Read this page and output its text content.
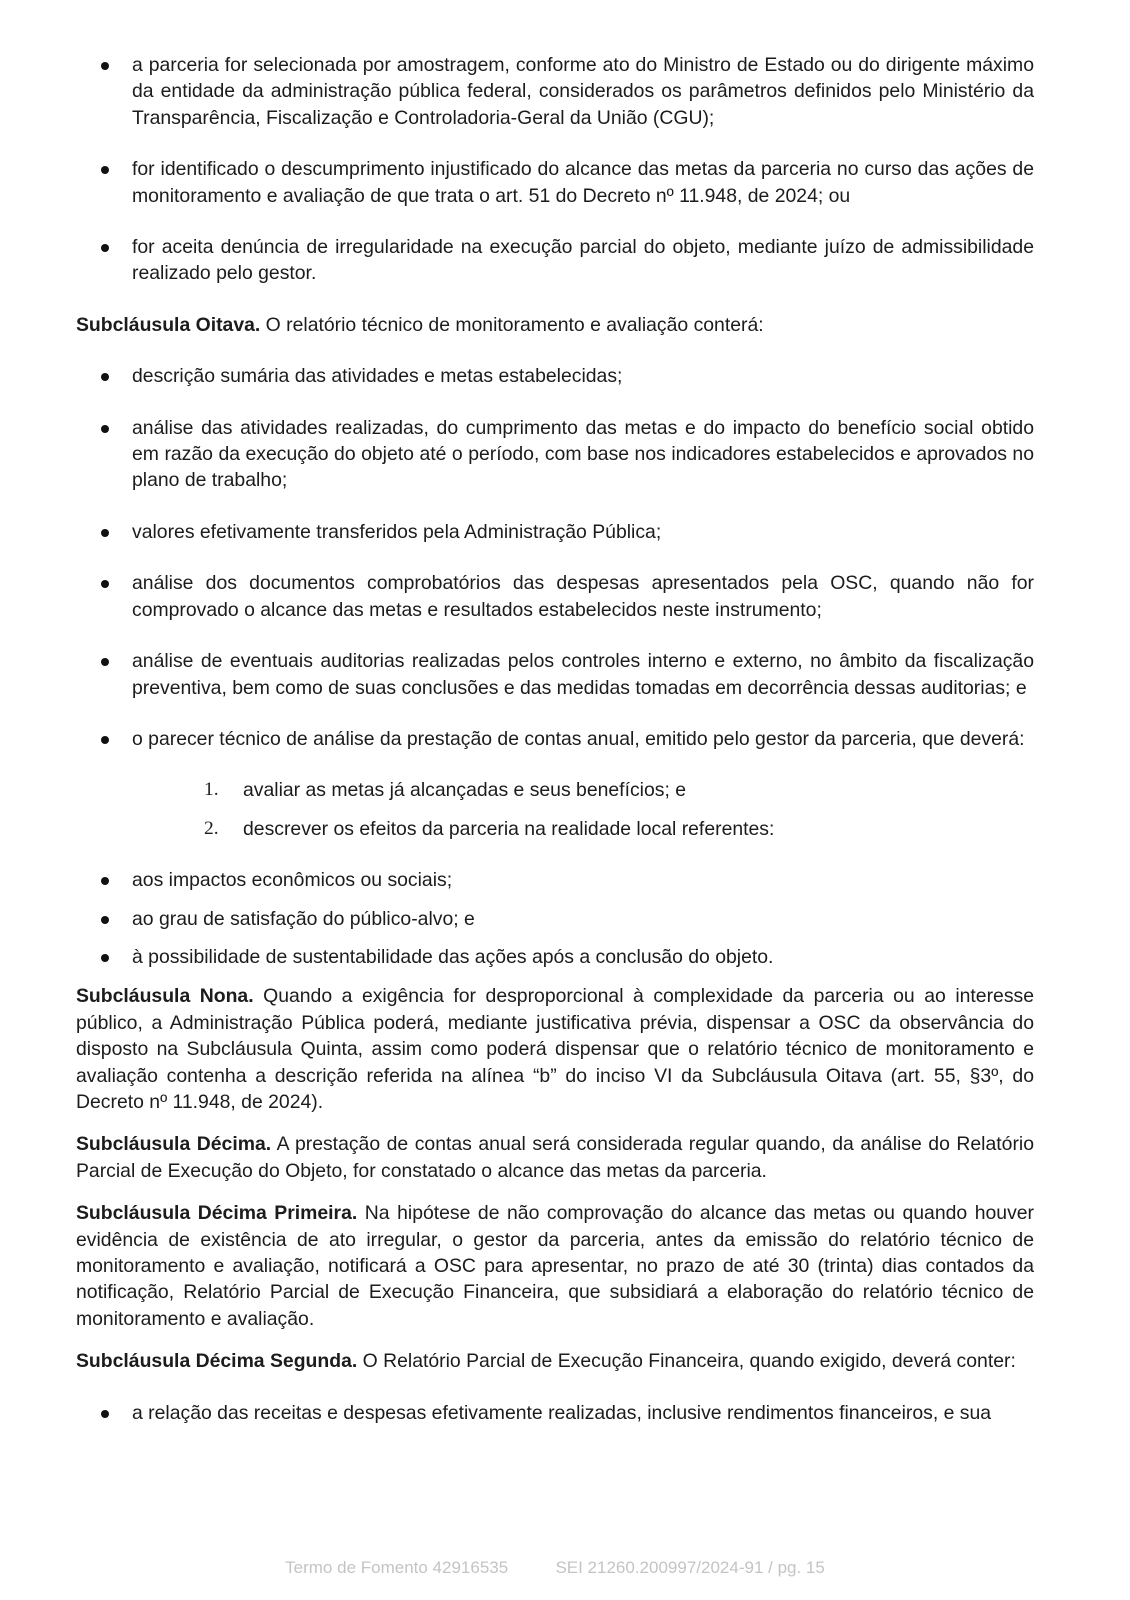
a parceria for selecionada por amostragem, conforme ato do Ministro de Estado ou do dirigente máximo da entidade da administração pública federal, considerados os parâmetros definidos pelo Ministério da Transparência, Fiscalização e Controladoria-Geral da União (CGU);
for identificado o descumprimento injustificado do alcance das metas da parceria no curso das ações de monitoramento e avaliação de que trata o art. 51 do Decreto nº 11.948, de 2024; ou
for aceita denúncia de irregularidade na execução parcial do objeto, mediante juízo de admissibilidade realizado pelo gestor.

Subcláusula Oitava. O relatório técnico de monitoramento e avaliação conterá:

descrição sumária das atividades e metas estabelecidas;
análise das atividades realizadas, do cumprimento das metas e do impacto do benefício social obtido em razão da execução do objeto até o período, com base nos indicadores estabelecidos e aprovados no plano de trabalho;
valores efetivamente transferidos pela Administração Pública;
análise dos documentos comprobatórios das despesas apresentados pela OSC, quando não for comprovado o alcance das metas e resultados estabelecidos neste instrumento;
análise de eventuais auditorias realizadas pelos controles interno e externo, no âmbito da fiscalização preventiva, bem como de suas conclusões e das medidas tomadas em decorrência dessas auditorias; e
o parecer técnico de análise da prestação de contas anual, emitido pelo gestor da parceria, que deverá:
1. avaliar as metas já alcançadas e seus benefícios; e
2. descrever os efeitos da parceria na realidade local referentes:
aos impactos econômicos ou sociais;
ao grau de satisfação do público-alvo; e
à possibilidade de sustentabilidade das ações após a conclusão do objeto.

Subcláusula Nona. Quando a exigência for desproporcional à complexidade da parceria ou ao interesse público, a Administração Pública poderá, mediante justificativa prévia, dispensar a OSC da observância do disposto na Subcláusula Quinta, assim como poderá dispensar que o relatório técnico de monitoramento e avaliação contenha a descrição referida na alínea “b” do inciso VI da Subcláusula Oitava (art. 55, §3º, do Decreto nº 11.948, de 2024).

Subcláusula Décima. A prestação de contas anual será considerada regular quando, da análise do Relatório Parcial de Execução do Objeto, for constatado o alcance das metas da parceria.

Subcláusula Décima Primeira. Na hipótese de não comprovação do alcance das metas ou quando houver evidência de existência de ato irregular, o gestor da parceria, antes da emissão do relatório técnico de monitoramento e avaliação, notificará a OSC para apresentar, no prazo de até 30 (trinta) dias contados da notificação, Relatório Parcial de Execução Financeira, que subsidiará a elaboração do relatório técnico de monitoramento e avaliação.

Subcláusula Décima Segunda. O Relatório Parcial de Execução Financeira, quando exigido, deverá conter:

a relação das receitas e despesas efetivamente realizadas, inclusive rendimentos financeiros, e sua
Termo de Fomento 42916535	SEI 21260.200997/2024-91 / pg. 15
